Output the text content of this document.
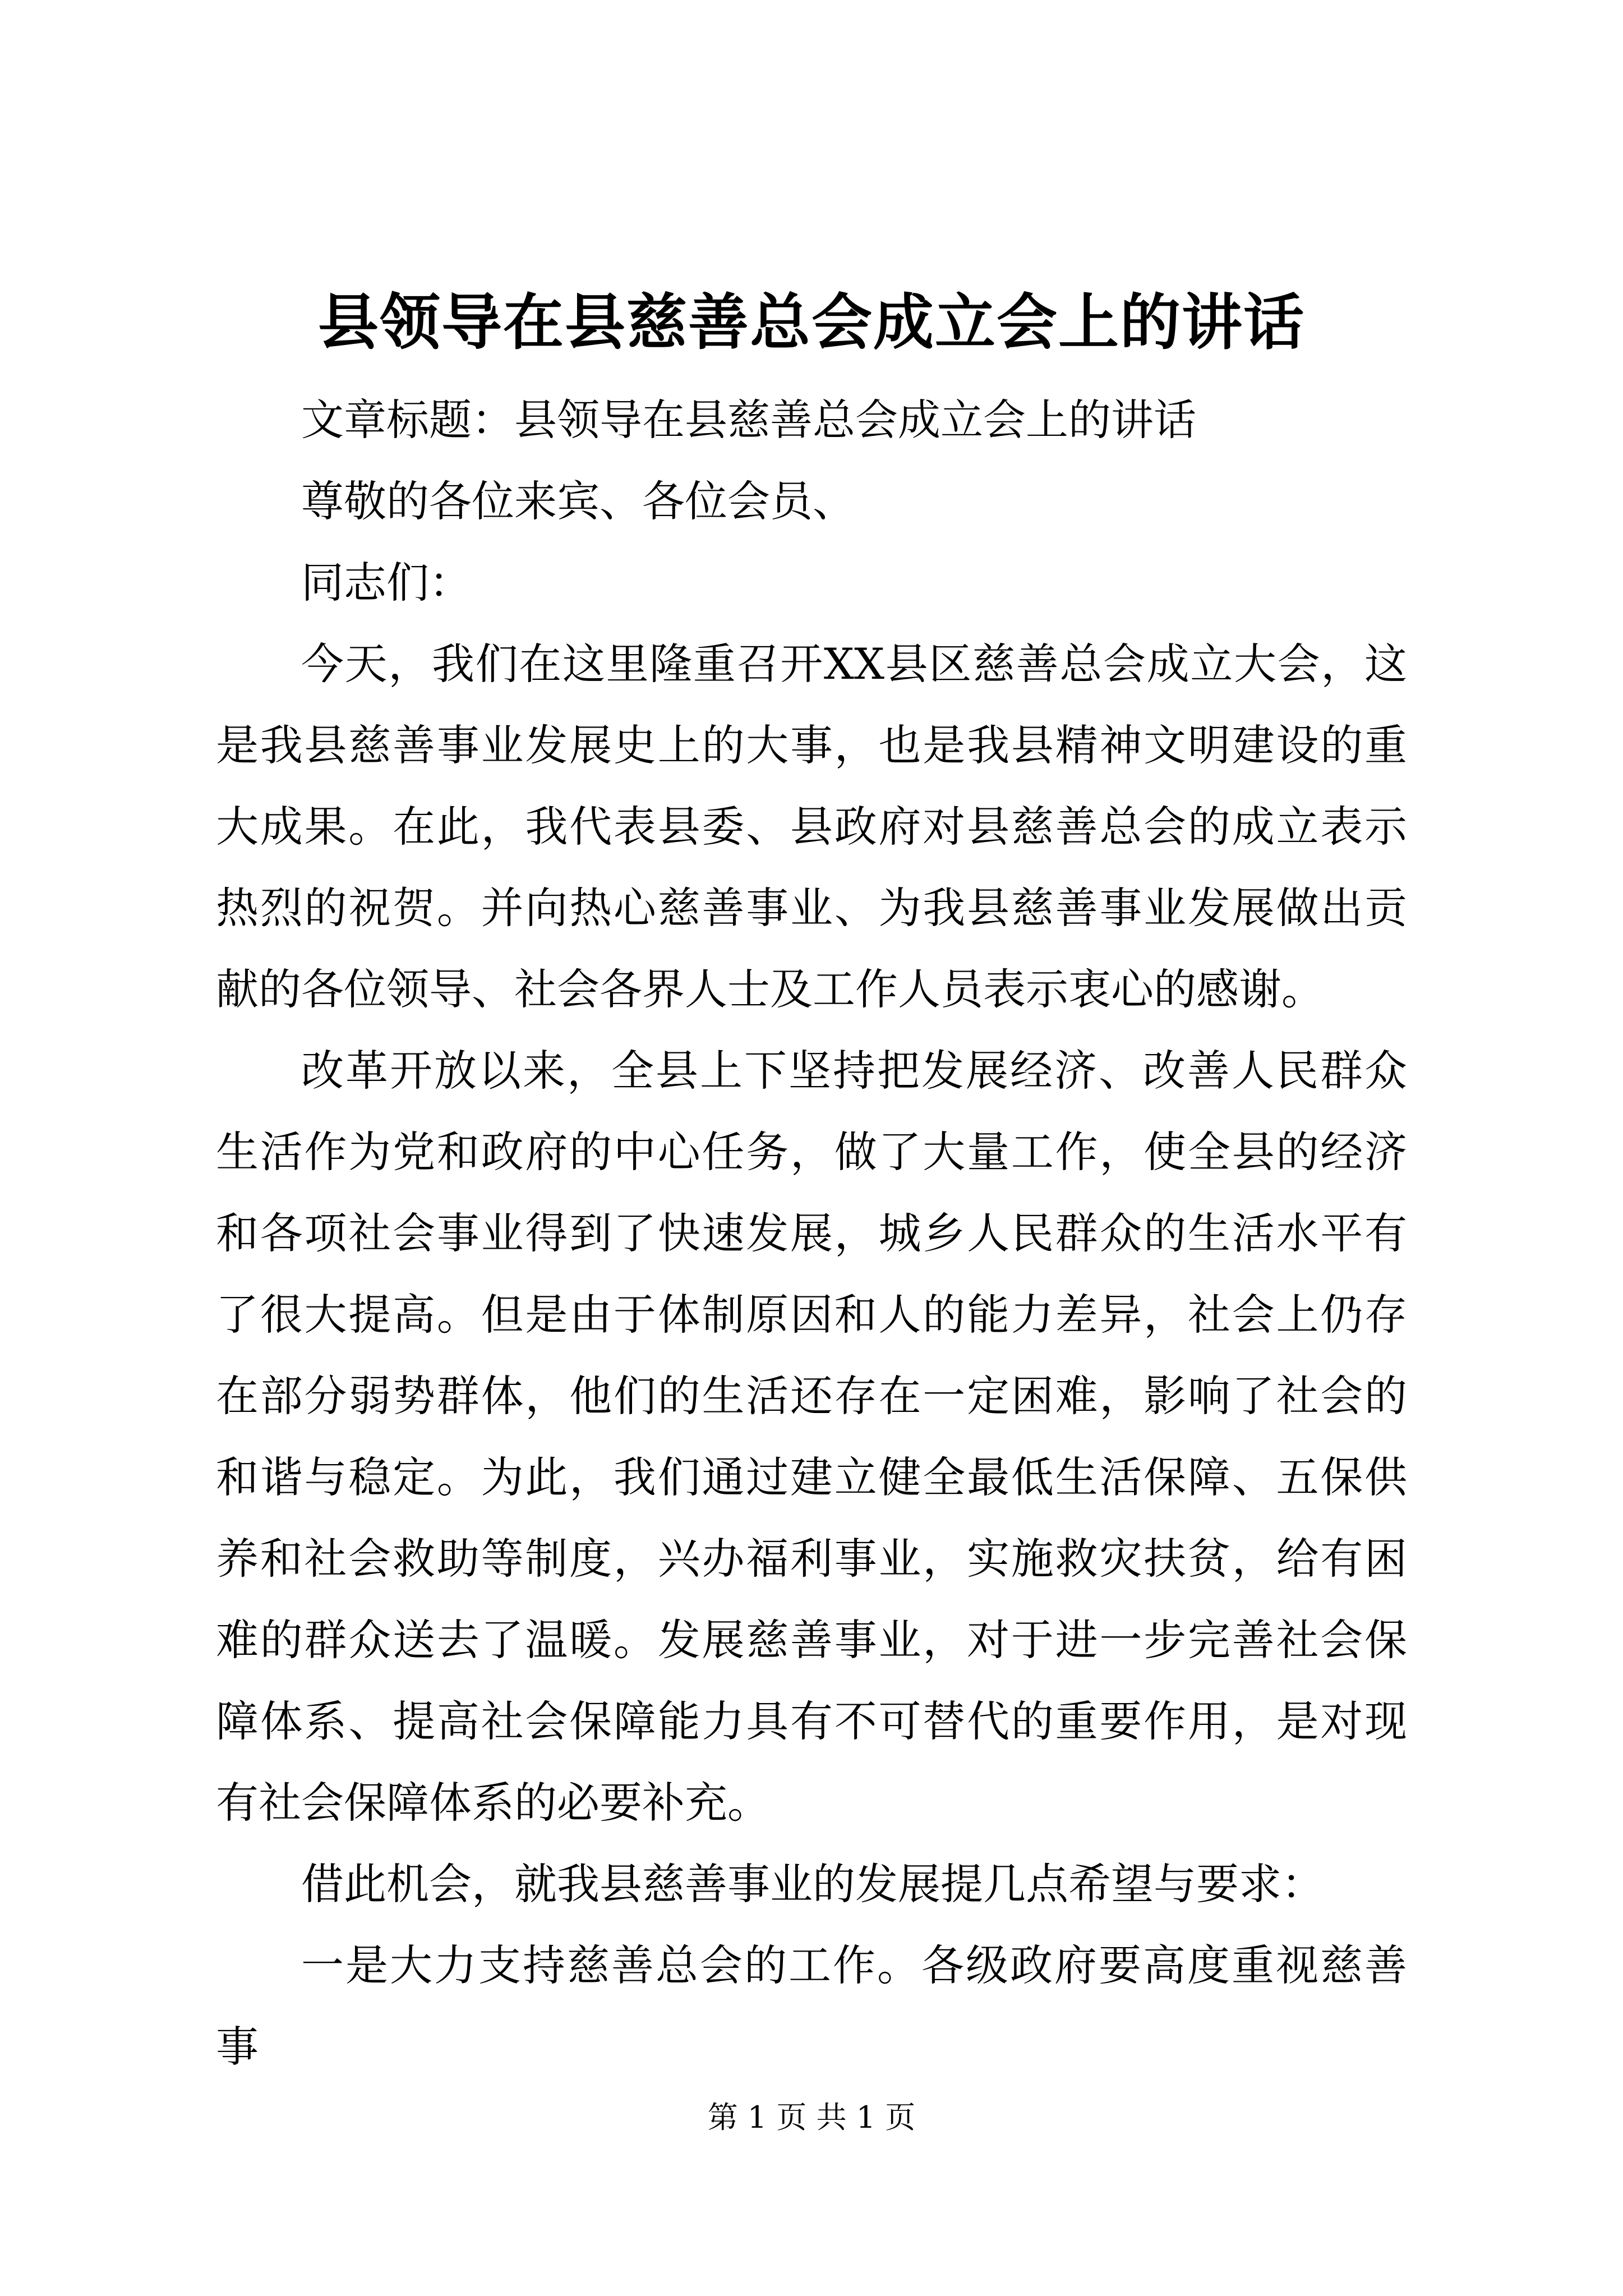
县领导在县慈善总会成立会上的讲话

文章标题：县领导在县慈善总会成立会上的讲话

尊敬的各位来宾、各位会员、

同志们：

今天，我们在这里隆重召开XX县区慈善总会成立大会，这是我县慈善事业发展史上的大事，也是我县精神文明建设的重大成果。在此，我代表县委、县政府对县慈善总会的成立表示热烈的祝贺。并向热心慈善事业、为我县慈善事业发展做出贡献的各位领导、社会各界人士及工作人员表示衷心的感谢。

改革开放以来，全县上下坚持把发展经济、改善人民群众生活作为党和政府的中心任务，做了大量工作，使全县的经济和各项社会事业得到了快速发展，城乡人民群众的生活水平有了很大提高。但是由于体制原因和人的能力差异，社会上仍存在部分弱势群体，他们的生活还存在一定困难，影响了社会的和谐与稳定。为此，我们通过建立健全最低生活保障、五保供养和社会救助等制度，兴办福利事业，实施救灾扶贫，给有困难的群众送去了温暖。发展慈善事业，对于进一步完善社会保障体系、提高社会保障能力具有不可替代的重要作用，是对现有社会保障体系的必要补充。

借此机会，就我县慈善事业的发展提几点希望与要求：

一是大力支持慈善总会的工作。各级政府要高度重视慈善事

第 1 页 共 1 页
